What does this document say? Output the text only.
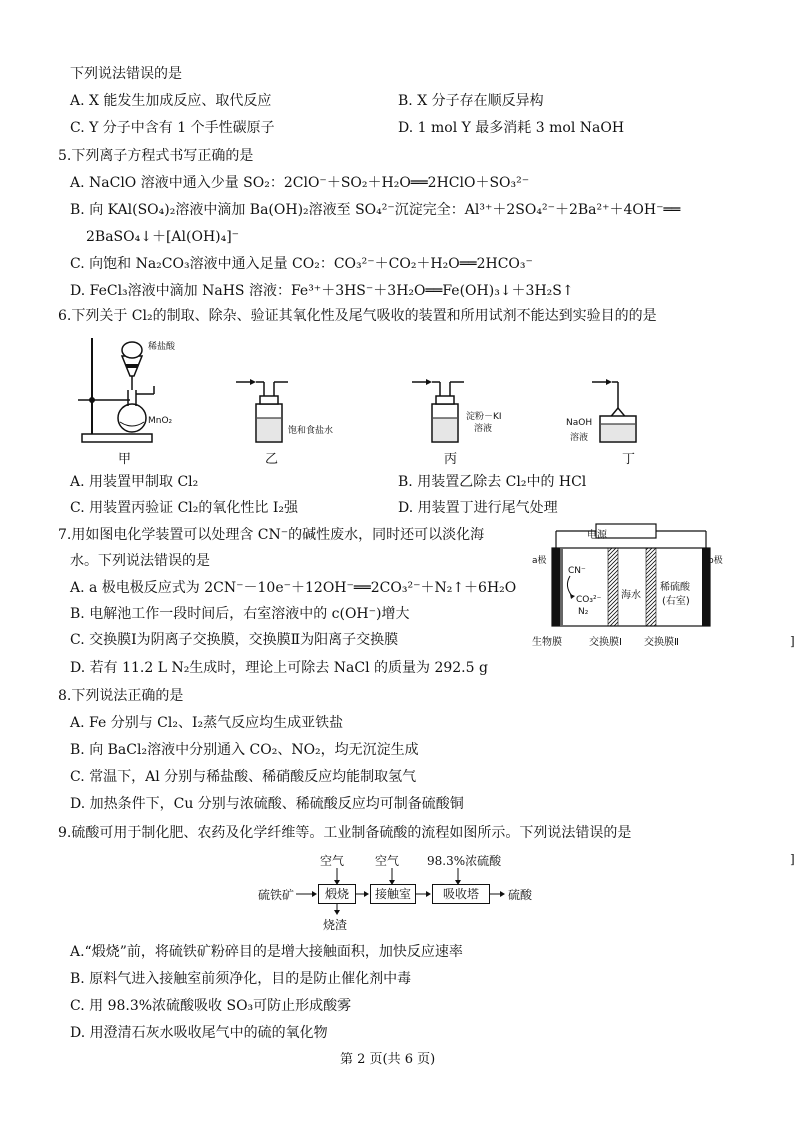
下列说法错误的是
A. X 能发生加成反应、取代反应	B. X 分子存在顺反异构
C. Y 分子中含有 1 个手性碳原子	D. 1 mol Y 最多消耗 3 mol NaOH
5.下列离子方程式书写正确的是
A. NaClO 溶液中通入少量 SO₂：2ClO⁻＋SO₂＋H₂O══2HClO＋SO₃²⁻
B. 向 KAl(SO₄)₂溶液中滴加 Ba(OH)₂溶液至 SO₄²⁻沉淀完全：Al³⁺＋2SO₄²⁻＋2Ba²⁺＋4OH⁻══
2BaSO₄↓＋[Al(OH)₄]⁻
C. 向饱和 Na₂CO₃溶液中通入足量 CO₂：CO₃²⁻＋CO₂＋H₂O══2HCO₃⁻
D. FeCl₃溶液中滴加 NaHS 溶液：Fe³⁺＋3HS⁻＋3H₂O══Fe(OH)₃↓＋3H₂S↑
6.下列关于 Cl₂的制取、除杂、验证其氧化性及尾气吸收的装置和所用试剂不能达到实验目的的是
稀盐酸
MnO₂
甲
饱和食盐水
乙
淀粉－KI
溶液
丙
NaOH
溶液
丁
A. 用装置甲制取 Cl₂	B. 用装置乙除去 Cl₂中的 HCl
C. 用装置丙验证 Cl₂的氧化性比 I₂强	D. 用装置丁进行尾气处理
7.用如图电化学装置可以处理含 CN⁻的碱性废水，同时还可以淡化海
水。下列说法错误的是
A. a 极电极反应式为 2CN⁻－10e⁻＋12OH⁻══2CO₃²⁻＋N₂↑＋6H₂O
B. 电解池工作一段时间后，右室溶液中的 c(OH⁻)增大
C. 交换膜Ⅰ为阴离子交换膜，交换膜Ⅱ为阳离子交换膜
D. 若有 11.2 L N₂生成时，理论上可除去 NaCl 的质量为 292.5 g
电源
a极	b极
CN⁻
CO₃²⁻
N₂
海水
稀硫酸
(右室)
生物膜	交换膜Ⅰ 交换膜Ⅱ
8.下列说法正确的是
A. Fe 分别与 Cl₂、I₂蒸气反应均生成亚铁盐
B. 向 BaCl₂溶液中分别通入 CO₂、NO₂，均无沉淀生成
C. 常温下，Al 分别与稀盐酸、稀硝酸反应均能制取氢气
D. 加热条件下，Cu 分别与浓硫酸、稀硫酸反应均可制备硫酸铜
9.硫酸可用于制化肥、农药及化学纤维等。工业制备硫酸的流程如图所示。下列说法错误的是
空气	空气 98.3%浓硫酸
硫铁矿	煅烧	接触室	吸收塔	硫酸
烧渣
A.“煅烧”前，将硫铁矿粉碎目的是增大接触面积，加快反应速率
B. 原料气进入接触室前须净化，目的是防止催化剂中毒
C. 用 98.3%浓硫酸吸收 SO₃可防止形成酸雾
D. 用澄清石灰水吸收尾气中的硫的氧化物
第 2 页(共 6 页)
]
]
